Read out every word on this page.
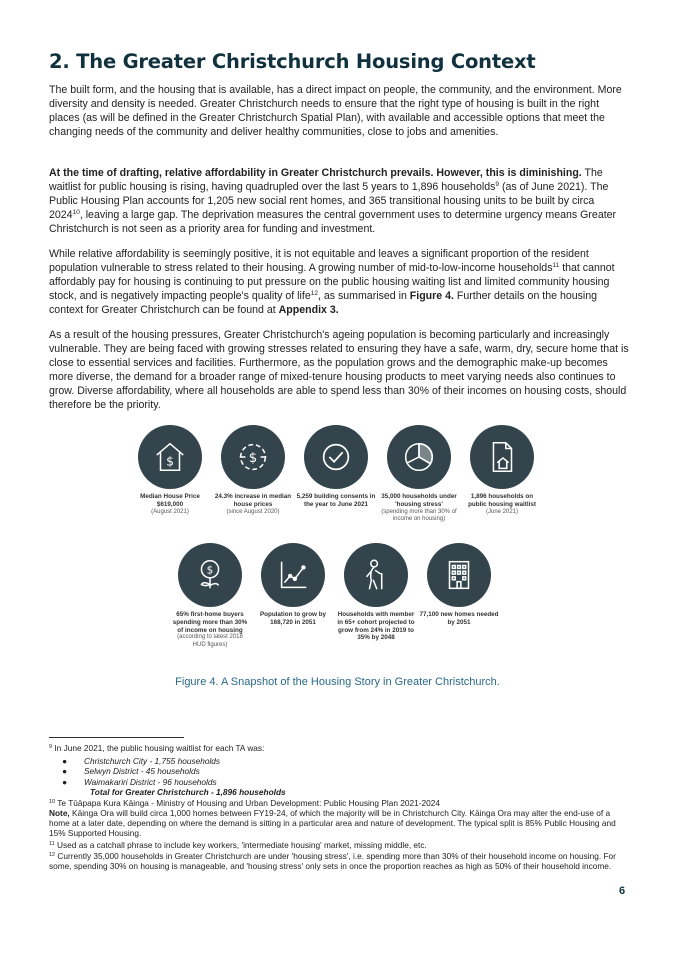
2. The Greater Christchurch Housing Context

The built form, and the housing that is available, has a direct impact on people, the community, and the environment. More diversity and density is needed. Greater Christchurch needs to ensure that the right type of housing is built in the right places (as will be defined in the Greater Christchurch Spatial Plan), with available and accessible options that meet the changing needs of the community and deliver healthy communities, close to jobs and amenities.

At the time of drafting, relative affordability in Greater Christchurch prevails. However, this is diminishing. The waitlist for public housing is rising, having quadrupled over the last 5 years to 1,896 households$^9$ (as of June 2021). The Public Housing Plan accounts for 1,205 new social rent homes, and 365 transitional housing units to be built by circa 2024$^{10}$, leaving a large gap. The deprivation measures the central government uses to determine urgency means Greater Christchurch is not seen as a priority area for funding and investment.

While relative affordability is seemingly positive, it is not equitable and leaves a significant proportion of the resident population vulnerable to stress related to their housing. A growing number of mid-to-low-income households$^{11}$ that cannot affordably pay for housing is continuing to put pressure on the public housing waiting list and limited community housing stock, and is negatively impacting people's quality of life$^{12}$, as summarised in Figure 4. Further details on the housing context for Greater Christchurch can be found at Appendix 3.

As a result of the housing pressures, Greater Christchurch's ageing population is becoming particularly and increasingly vulnerable. They are being faced with growing stresses related to ensuring they have a safe, warm, dry, secure home that is close to essential services and facilities. Furthermore, as the population grows and the demographic make-up becomes more diverse, the demand for a broader range of mixed-tenure housing products to meet varying needs also continues to grow. Diverse affordability, where all households are able to spend less than 30% of their incomes on housing costs, should therefore be the priority.

$
Median House Price $619,000
(August 2021)
$
24.3% increase in median house prices
(since August 2020)
5,259 building consents in the year to June 2021
35,000 households under 'housing stress'
(spending more than 30% of income on housing)
1,896 households on public housing waitlist
(June 2021)
$
65% first-home buyers spending more than 30% of income on housing
(according to latest 2018 HUD figures)
Population to grow by 168,720 in 2051
Households with member in 65+ cohort projected to grow from 24% in 2019 to 35% by 2048
77,100 new homes needed by 2051
Figure 4. A Snapshot of the Housing Story in Greater Christchurch.

$^9$ In June 2021, the public housing waitlist for each TA was:

● Christchurch City - 1,755 households
● Selwyn District - 45 households
● Waimakariri District - 96 households
Total for Greater Christchurch - 1,896 households

$^{10}$ Te Tūāpapa Kura Kāinga - Ministry of Housing and Urban Development: Public Housing Plan 2021-2024

Note, Kāinga Ora will build circa 1,000 homes between FY19-24, of which the majority will be in Christchurch City. Kāinga Ora may alter the end-use of a home at a later date, depending on where the demand is sitting in a particular area and nature of development. The typical split is 85% Public Housing and 15% Supported Housing.

$^{11}$ Used as a catchall phrase to include key workers, 'intermediate housing' market, missing middle, etc.

$^{12}$ Currently 35,000 households in Greater Christchurch are under 'housing stress', i.e. spending more than 30% of their household income on housing. For some, spending 30% on housing is manageable, and 'housing stress' only sets in once the proportion reaches as high as 50% of their household income.

6
